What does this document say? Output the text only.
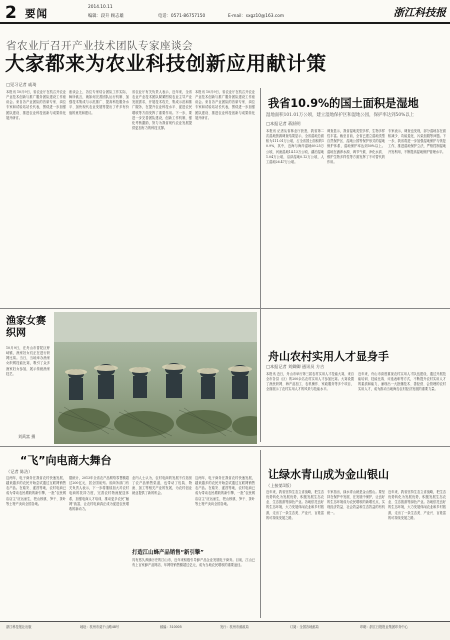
2 要闻
2014.10.11
编辑：段升 顾志雄	电话：0571-86757150	E-mail：sxgz10@163.com	浙江科技报
省农业厅召开产业技术团队专家座谈会
大家都来为农业科技创新应用献计策
□见习记者 戚琦
本报讯 10月9日，省农业厅在杭召开农业产业技术创新与推广服务团队建设工作座谈会。来自各产业团队的首席专家、岗位专家和试验站站长代表，围绕进一步加强团队建设、推进农业科技创新与成果转化展开研讨。
座谈会上，各位专家结合团队工作实际，畅所欲言，就如何完善团队运行机制、加强技术集成与示范推广、提高科技服务水平、加快现代农业发展等提出了许多有价值的意见和建议。
省农业厅有关负责人表示，近年来，全省农业产业技术团队紧紧围绕农业主导产业发展需求，开展技术攻关、集成示范和推广服务，在提升农业科技水平、促进农民增收等方面发挥了重要作用。下一步，要进一步完善团队建设，创新工作机制，强化考核激励，努力为我省现代农业发展提供更加有力的科技支撑。
本报讯 10月9日，省农业厅在杭召开农业产业技术创新与推广服务团队建设工作座谈会。来自各产业团队的首席专家、岗位专家和试验站站长代表，围绕进一步加强团队建设、推进农业科技创新与成果转化展开研讨。
我省10.9%的国土面积是湿地
湿地面积101.01万公顷，建立湿地保护区和湿地公园，保护率达到50%以上
□本报记者 蒋跃明
本报讯 记者从省林业厅获悉，我省第二次湿地资源调查结果显示，全省湿地总面积为111.01万公顷，占全省国土面积的10.9%，其中，近海与海岸湿地69.25万公顷，河流湿地14.13万公顷，湖泊湿地1.04万公顷，沼泽湿地0.12万公顷，人工湿地26.47万公顷。
调查显示，我省湿地类型多样，生物多样性丰富。截至目前，全省已建立湿地类型自然保护区、湿地公园等保护形式的湿地保护体系，湿地保护率达到50%以上。湿地在涵养水源、调节气候、净化水质、维护生物多样性等方面发挥了不可替代的作用。
专家表示，调查也发现，部分湿地存在面积减少、功能退化、污染加剧等问题。下一步，我省将进一步加强湿地保护与恢复工作，推进湿地保护立法，严格控制湿地开发利用，不断提高湿地保护管理水平。
渔家女赛织网
10月9日，在舟山市普陀区虾峙镇，渔家妇女们正在进行织网比赛。当日，当地举办渔家女织网技能比赛，吸引了众多渔家妇女参加，展示传统渔家技艺。
刘禹富 摄
舟山农村实用人才显身手
□本报记者 刘卿卿 通讯员 方吉
本报讯 近日，舟山市举行第三届农村实用人才技能大赛，来自全市各县（区）的200余名农村实用人才参加比赛。大赛设置了渔民织网、海产品加工、农机操作、家政服务等多个项目，全面展示了农村实用人才的风采与技能水平。
近年来，舟山市高度重视农村实用人才队伍建设，通过开展技能培训、技能比赛、评选表彰等方式，不断提升农村实用人才的素质和能力，涌现出一大批懂技术、善经营、会管理的农村实用人才，成为推动当地海岛农村经济发展的重要力量。
“飞”向电商大舞台
（记者 陈洁）
这两年，电子商务在我省农村快速发展，越来越多的农民开始尝试通过互联网销售农产品。在临安、遂昌等地，农村电商已成为带动农民增收的新引擎，一批“农民网店店主”应运而生，把山核桃、笋干、茶叶等土特产卖向全国各地。
据统计，2013年全省农产品网络零售额超过200亿元，居全国前列。省商务部门有关负责人表示，下一步将继续加大对农村电商的扶持力度，完善农村物流配送体系，加强电商人才培训，推动更多农民“触网”致富，让农村电商真正成为促进农民增收的新动力。
业内人士认为，农村电商的发展不仅拓宽了农产品销售渠道，也带动了包装、物流、加工等相关产业的发展，为农村创业就业提供了新的机会。
打造江山蜂产品销售“新引擎”
具有悠久养蜂历史的江山市，近年来积极引导蜂产品企业发展电子商务。目前，江山已有上百家蜂产品网店，年网络销售额超过亿元，成为当地农民增收的重要途径。
这两年，电子商务在我省农村快速发展，越来越多的农民开始尝试通过互联网销售农产品。在临安、遂昌等地，农村电商已成为带动农民增收的新引擎，一批“农民网店店主”应运而生，把山核桃、笋干、茶叶等土特产卖向全国各地。
让绿水青山成为金山银山
（上接第1版）
近年来，我省坚持生态立省战略，把生态优势转化为发展优势，积极发展生态农业、生态旅游等绿色产业。各地依托良好的生态环境，大力发展休闲农业和乡村旅游，走出了一条生态美、产业兴、百姓富的可持续发展之路。
专家指出，绿水青山就是金山银山。要坚持在保护中发展、在发展中保护，让良好的生态环境成为农民增收的新增长点，实现经济效益、社会效益和生态效益的有机统一。
近年来，我省坚持生态立省战略，把生态优势转化为发展优势，积极发展生态农业、生态旅游等绿色产业。各地依托良好的生态环境，大力发展休闲农业和乡村旅游，走出了一条生态美、产业兴、百姓富的可持续发展之路。
浙江科技报社出版	地址：杭州市莫干山路48号	邮编：310005	发行：杭州市邮政局	订阅：全国各地邮局	印刷：浙江日报报业集团印务中心
